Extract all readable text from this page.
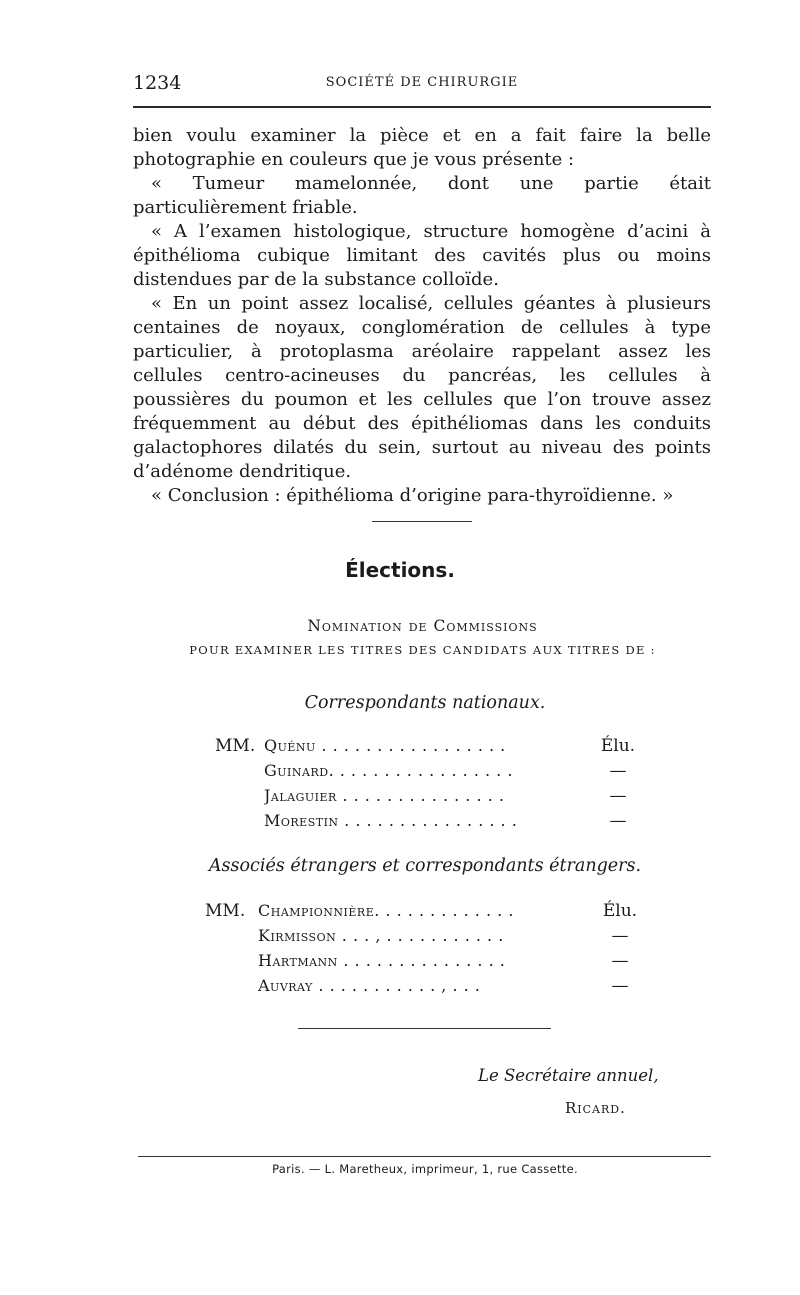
1234	SOCIÉTÉ DE CHIRURGIE

bien voulu examiner la pièce et en a fait faire la belle photographie en couleurs que je vous présente :

« Tumeur mamelonnée, dont une partie était particulièrement friable.

« A l’examen histologique, structure homogène d’acini à épithélioma cubique limitant des cavités plus ou moins distendues par de la substance colloïde.

« En un point assez localisé, cellules géantes à plusieurs centaines de noyaux, conglomération de cellules à type particulier, à protoplasma aréolaire rappelant assez les cellules centro-acineuses du pancréas, les cellules à poussières du poumon et les cellules que l’on trouve assez fréquemment au début des épithéliomas dans les conduits galactophores dilatés du sein, surtout au niveau des points d’adénome dendritique.

« Conclusion : épithélioma d’origine para-thyroïdienne. »

Élections.
Nomination de Commissions
POUR EXAMINER LES TITRES DES CANDIDATS AUX TITRES DE :
Correspondants nationaux.
MM. Quénu . . . . . . . . . . . . . . . . .	Élu.
Guinard. . . . . . . . . . . . . . . . .	—
Jalaguier . . . . . . . . . . . . . . .	—
Morestin . . . . . . . . . . . . . . . .	—
Associés étrangers et correspondants étrangers.
MM. Championnière. . . . . . . . . . . . .	Élu.
Kirmisson . . . , . . . . . . . . . . .	—
Hartmann . . . . . . . . . . . . . . .	—
Auvray . . . . . . . . . . . , . . .	—
Le Secrétaire annuel,
Ricard.
Paris. — L. Maretheux, imprimeur, 1, rue Cassette.
